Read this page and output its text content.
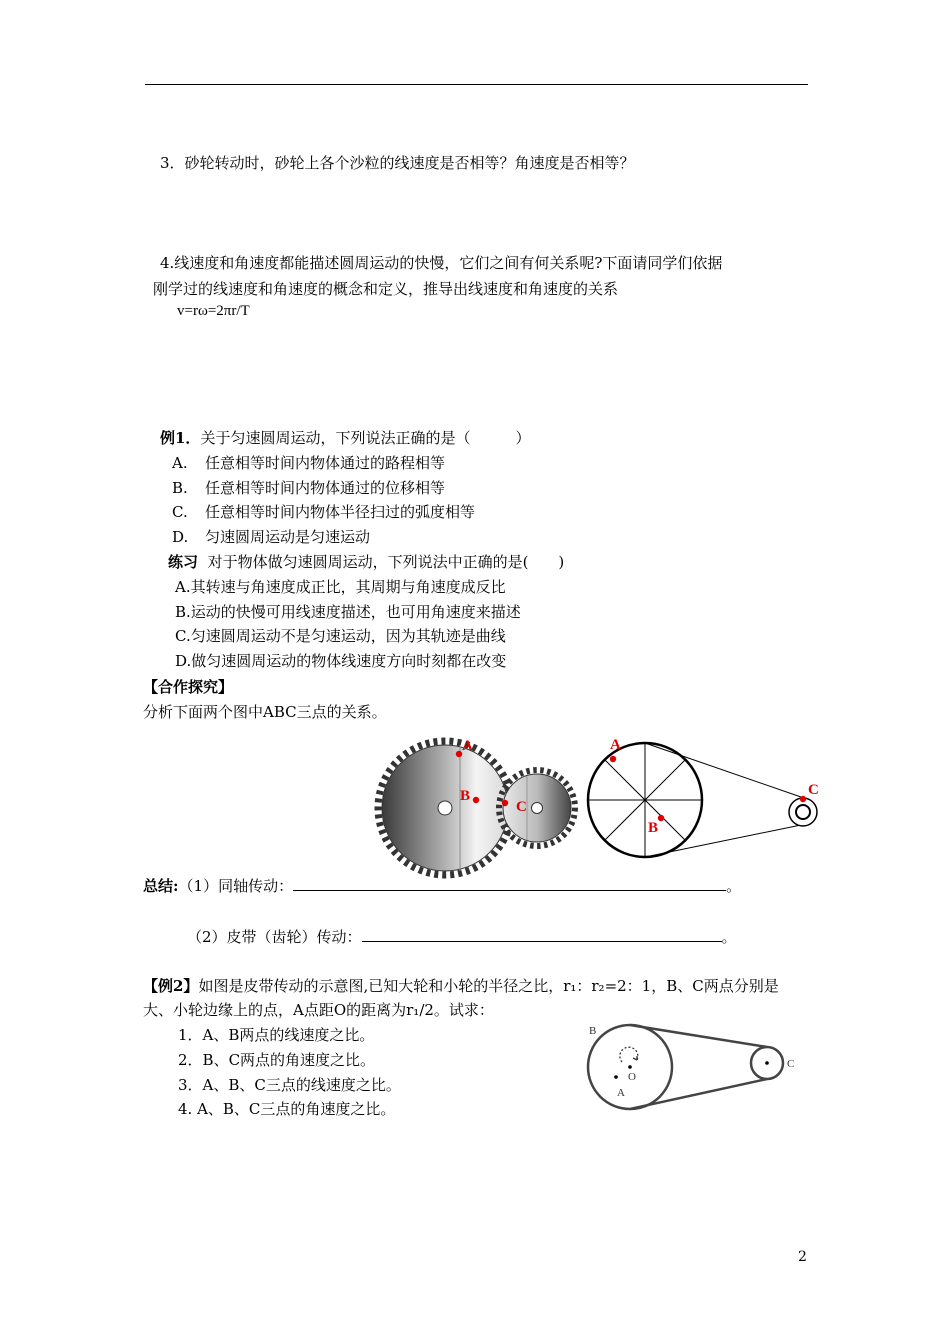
3．砂轮转动时，砂轮上各个沙粒的线速度是否相等？角速度是否相等？
4.线速度和角速度都能描述圆周运动的快慢，它们之间有何关系呢?下面请同学们依据
刚学过的线速度和角速度的概念和定义，推导出线速度和角速度的关系
v=rω=2πr/T
例1．关于匀速圆周运动，下列说法正确的是（　　　）
A. 任意相等时间内物体通过的路程相等
B. 任意相等时间内物体通过的位移相等
C. 任意相等时间内物体半径扫过的弧度相等
D. 匀速圆周运动是匀速运动
练习 对于物体做匀速圆周运动，下列说法中正确的是(　　)
A.其转速与角速度成正比，其周期与角速度成反比
B.运动的快慢可用线速度描述，也可用角速度来描述
C.匀速圆周运动不是匀速运动，因为其轨迹是曲线
D.做匀速圆周运动的物体线速度方向时刻都在改变
【合作探究】
分析下面两个图中ABC三点的关系。
A
B
C
A
B
C
总结:（1）同轴传动：	。
（2）皮带（齿轮）传动：	。
【例2】如图是皮带传动的示意图,已知大轮和小轮的半径之比，r₁：r₂=2：1，B、C两点分别是
大、小轮边缘上的点，A点距O的距离为r₁/2。试求：
1．A、B两点的线速度之比。
2．B、C两点的角速度之比。
3．A、B、C三点的线速度之比。
4. A、B、C三点的角速度之比。
B
O
A
C
2
